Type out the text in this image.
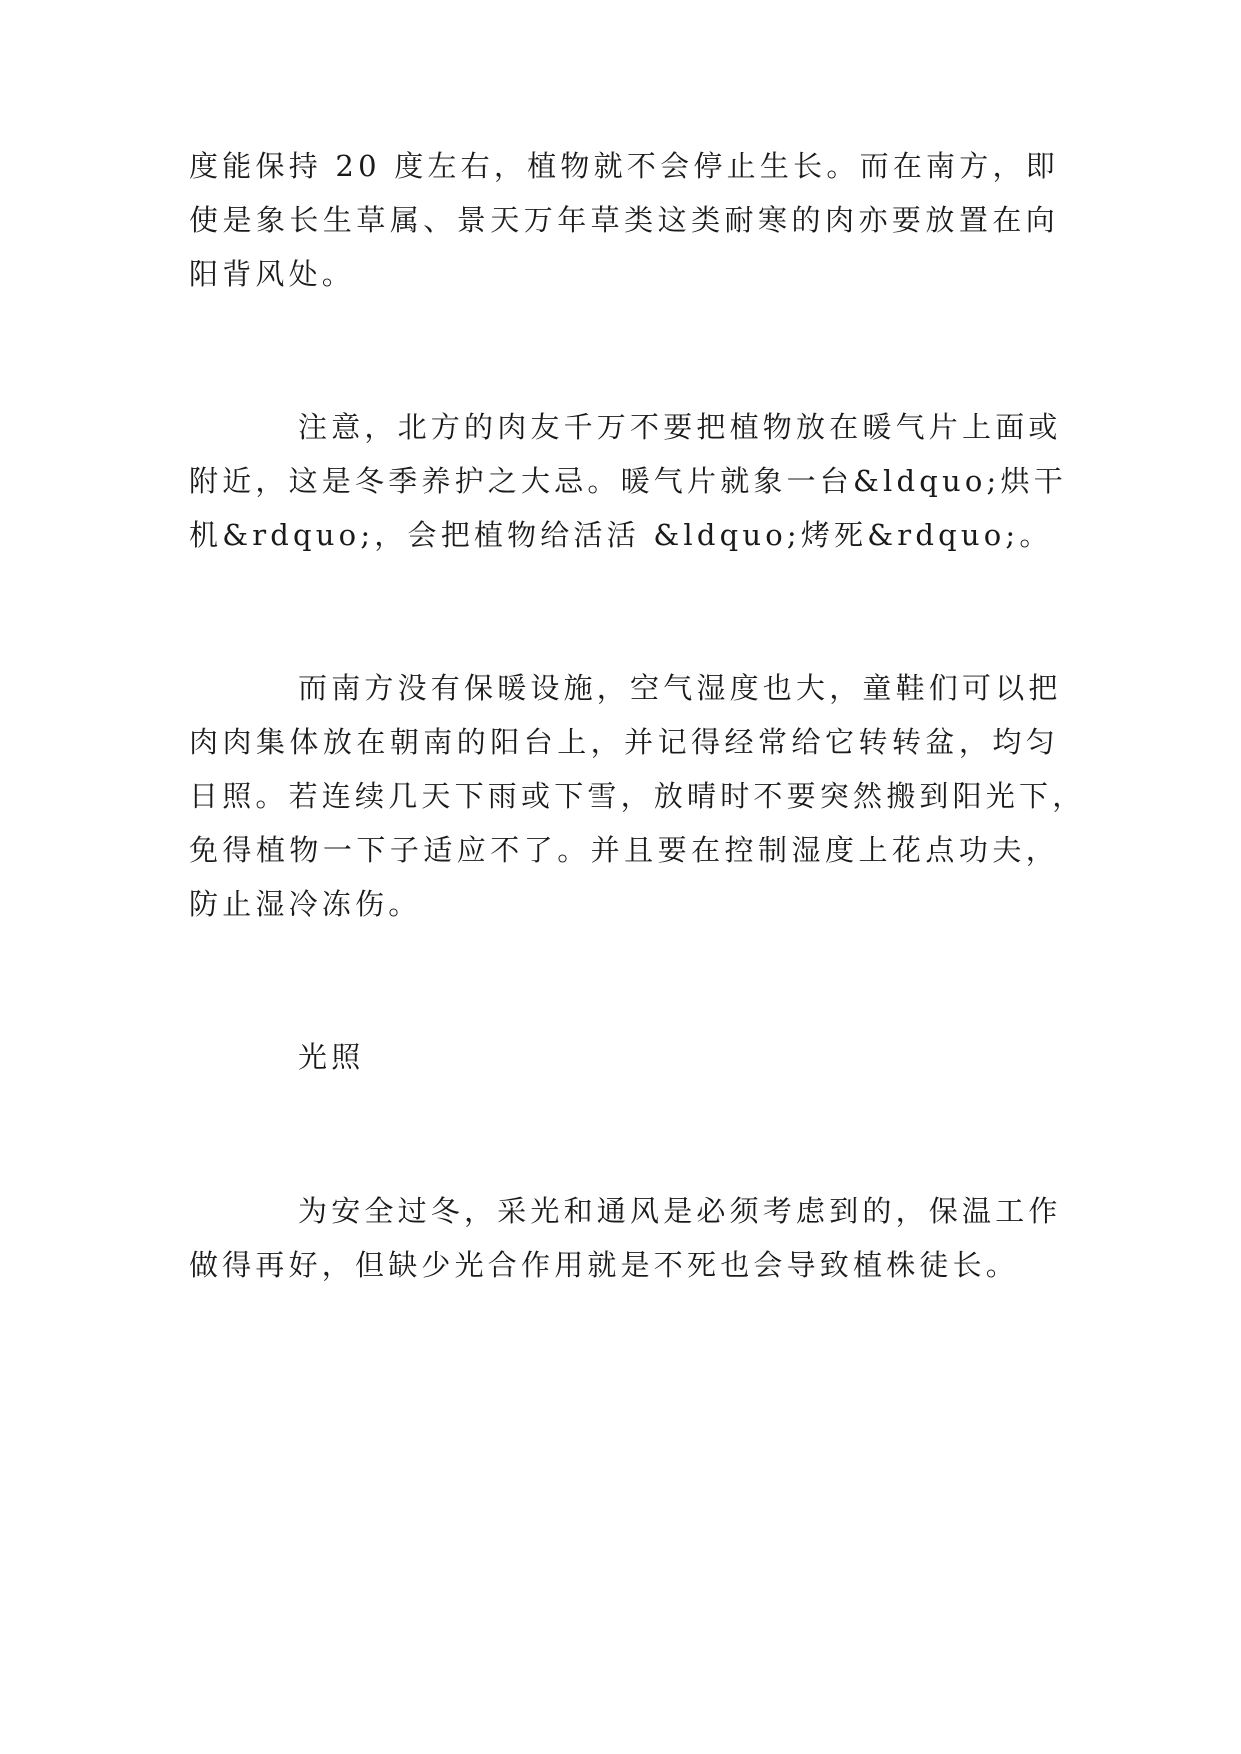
度能保持 20 度左右，植物就不会停止生长。而在南方，即
使是象长生草属、景天万年草类这类耐寒的肉亦要放置在向
阳背风处。
注意，北方的肉友千万不要把植物放在暖气片上面或
附近，这是冬季养护之大忌。暖气片就象一台&ldquo;烘干
机&rdquo;，会把植物给活活 &ldquo;烤死&rdquo;。
而南方没有保暖设施，空气湿度也大，童鞋们可以把
肉肉集体放在朝南的阳台上，并记得经常给它转转盆，均匀
日照。若连续几天下雨或下雪，放晴时不要突然搬到阳光下，
免得植物一下子适应不了。并且要在控制湿度上花点功夫，
防止湿冷冻伤。
光照
为安全过冬，采光和通风是必须考虑到的，保温工作
做得再好，但缺少光合作用就是不死也会导致植株徒长。
